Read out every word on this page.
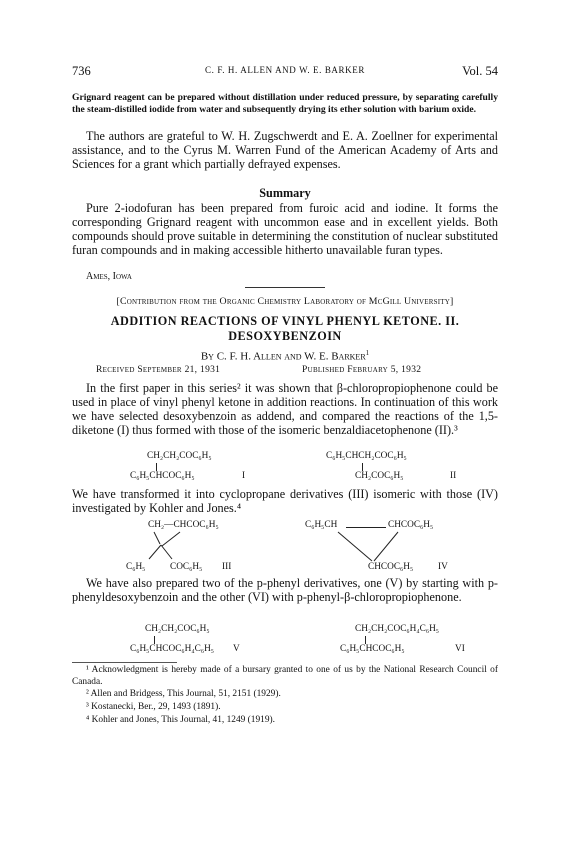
736	C. F. H. ALLEN AND W. E. BARKER	Vol. 54

Grignard reagent can be prepared without distillation under reduced pressure, by separating carefully the steam-distilled iodide from water and subsequently drying its ether solution with barium oxide.

The authors are grateful to W. H. Zugschwerdt and E. A. Zoellner for experimental assistance, and to the Cyrus M. Warren Fund of the American Academy of Arts and Sciences for a grant which partially defrayed expenses.

Summary

Pure 2-iodofuran has been prepared from furoic acid and iodine. It forms the corresponding Grignard reagent with uncommon ease and in excellent yields. Both compounds should prove suitable in determining the constitution of nuclear substituted furan compounds and in making accessible hitherto unavailable furan types.

Ames, Iowa

[Contribution from the Organic Chemistry Laboratory of McGill University]

ADDITION REACTIONS OF VINYL PHENYL KETONE. II.

DESOXYBENZOIN

By C. F. H. Allen and W. E. Barker$^1$

Received September 21, 1931	Published February 5, 1932

In the first paper in this series² it was shown that β-chloropropiophenone could be used in place of vinyl phenyl ketone in addition reactions. In continuation of this work we have selected desoxybenzoin as addend, and compared the reactions of the 1,5-diketone (I) thus formed with those of the isomeric benzaldiacetophenone (II).³

CH₂CH₂COC₆H₅
C₆H₅CHCOC₆H₅	I
C₆H₅CHCH₂COC₆H₅
CH₂COC₆H₅	II

We have transformed it into cyclopropane derivatives (III) isomeric with those (IV) investigated by Kohler and Jones.⁴

CH₂—CHCOC₆H₅
C₆H₅	COC₆H₅ III
C₆H₅CH	CHCOC₆H₅
CHCOC₆H₅	IV

We have also prepared two of the p-phenyl derivatives, one (V) by starting with p-phenyldesoxybenzoin and the other (VI) with p-phenyl-β-chloropropiophenone.

CH₂CH₂COC₆H₅
C₆H₅CHCOC₆H₄C₆H₅ V
CH₂CH₂COC₆H₄C₆H₅
C₆H₅CHCOC₆H₅	VI
¹ Acknowledgment is hereby made of a bursary granted to one of us by the National Research Council of Canada.
² Allen and Bridgess, This Journal, 51, 2151 (1929).
³ Kostanecki, Ber., 29, 1493 (1891).
⁴ Kohler and Jones, This Journal, 41, 1249 (1919).
